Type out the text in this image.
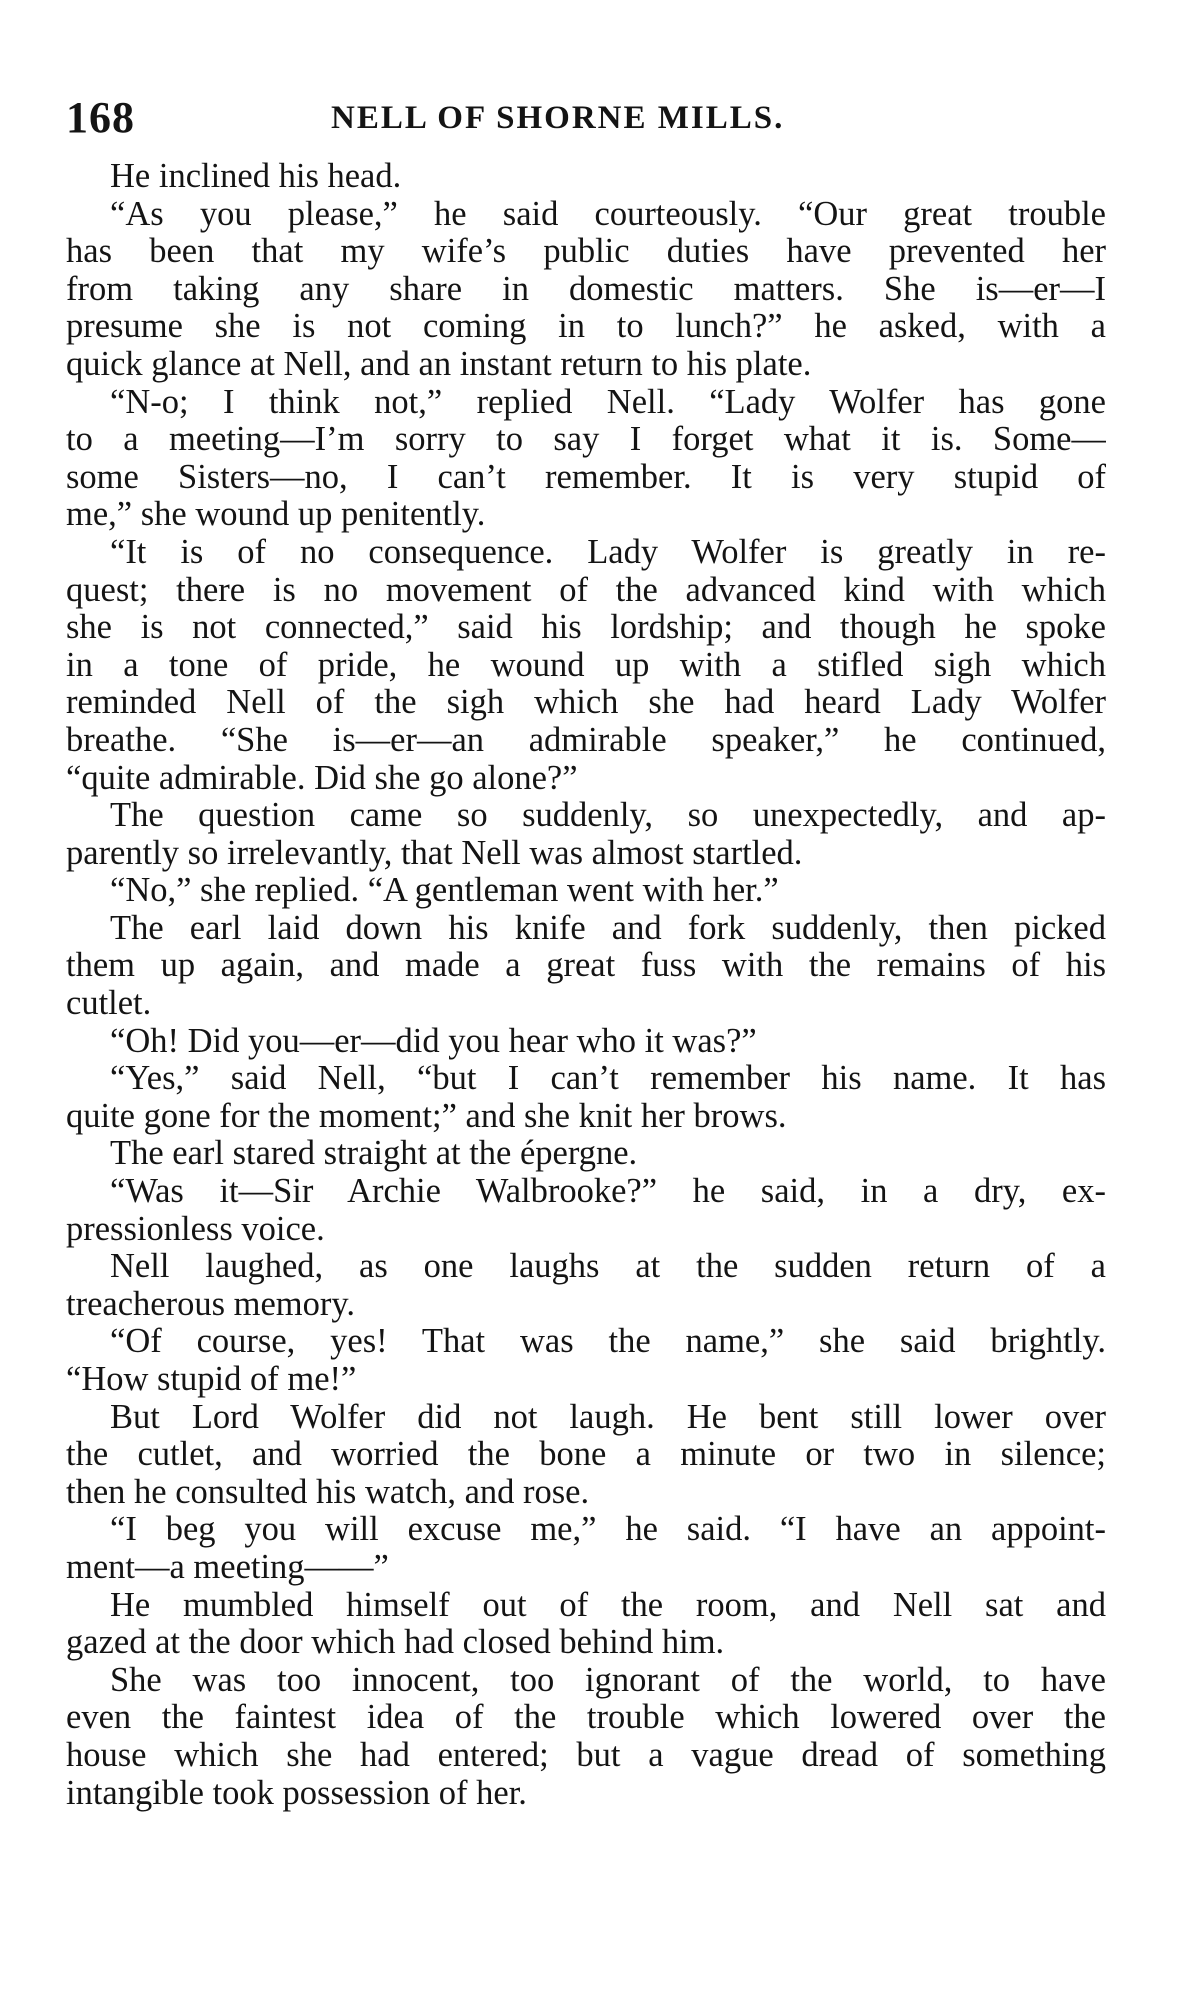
168	NELL OF SHORNE MILLS.

He inclined his head.

“As you please,” he said courteously. “Our great trouble
has been that my wife’s public duties have prevented her
from taking any share in domestic matters. She is—er—I
presume she is not coming in to lunch?” he asked, with a
quick glance at Nell, and an instant return to his plate.

“N-o; I think not,” replied Nell. “Lady Wolfer has gone
to a meeting—I’m sorry to say I forget what it is. Some—
some Sisters—no, I can’t remember. It is very stupid of
me,” she wound up penitently.

“It is of no consequence. Lady Wolfer is greatly in re-
quest; there is no movement of the advanced kind with which
she is not connected,” said his lordship; and though he spoke
in a tone of pride, he wound up with a stifled sigh which
reminded Nell of the sigh which she had heard Lady Wolfer
breathe. “She is—er—an admirable speaker,” he continued,
“quite admirable. Did she go alone?”

The question came so suddenly, so unexpectedly, and ap-
parently so irrelevantly, that Nell was almost startled.

“No,” she replied. “A gentleman went with her.”

The earl laid down his knife and fork suddenly, then picked
them up again, and made a great fuss with the remains of his
cutlet.

“Oh! Did you—er—did you hear who it was?”

“Yes,” said Nell, “but I can’t remember his name. It has
quite gone for the moment;” and she knit her brows.

The earl stared straight at the épergne.

“Was it—Sir Archie Walbrooke?” he said, in a dry, ex-
pressionless voice.

Nell laughed, as one laughs at the sudden return of a
treacherous memory.

“Of course, yes! That was the name,” she said brightly.
“How stupid of me!”

But Lord Wolfer did not laugh. He bent still lower over
the cutlet, and worried the bone a minute or two in silence;
then he consulted his watch, and rose.

“I beg you will excuse me,” he said. “I have an appoint-
ment—a meeting——”

He mumbled himself out of the room, and Nell sat and
gazed at the door which had closed behind him.

She was too innocent, too ignorant of the world, to have
even the faintest idea of the trouble which lowered over the
house which she had entered; but a vague dread of something
intangible took possession of her.
